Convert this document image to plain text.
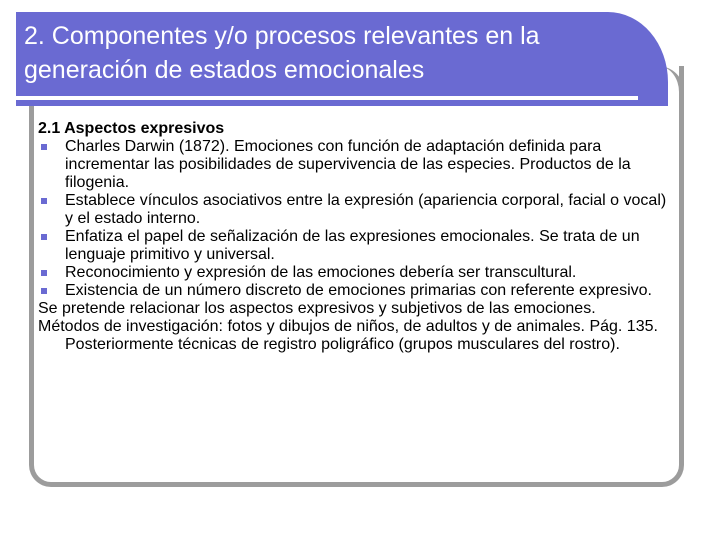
2. Componentes y/o procesos relevantes en la generación de estados emocionales

2.1 Aspectos expresivos

Charles Darwin (1872). Emociones con función de adaptación definida para incrementar las posibilidades de supervivencia de las especies. Productos de la filogenia.

Establece vínculos asociativos entre la expresión (apariencia corporal, facial o vocal) y el estado interno.

Enfatiza el papel de señalización de las expresiones emocionales. Se trata de un lenguaje primitivo y universal.

Reconocimiento y expresión de las emociones debería ser transcultural.

Existencia de un número discreto de emociones primarias con referente expresivo.

Se pretende relacionar los aspectos expresivos y subjetivos de las emociones.

Métodos de investigación: fotos y dibujos de niños, de adultos y de animales. Pág. 135. Posteriormente técnicas de registro poligráfico (grupos musculares del rostro).
